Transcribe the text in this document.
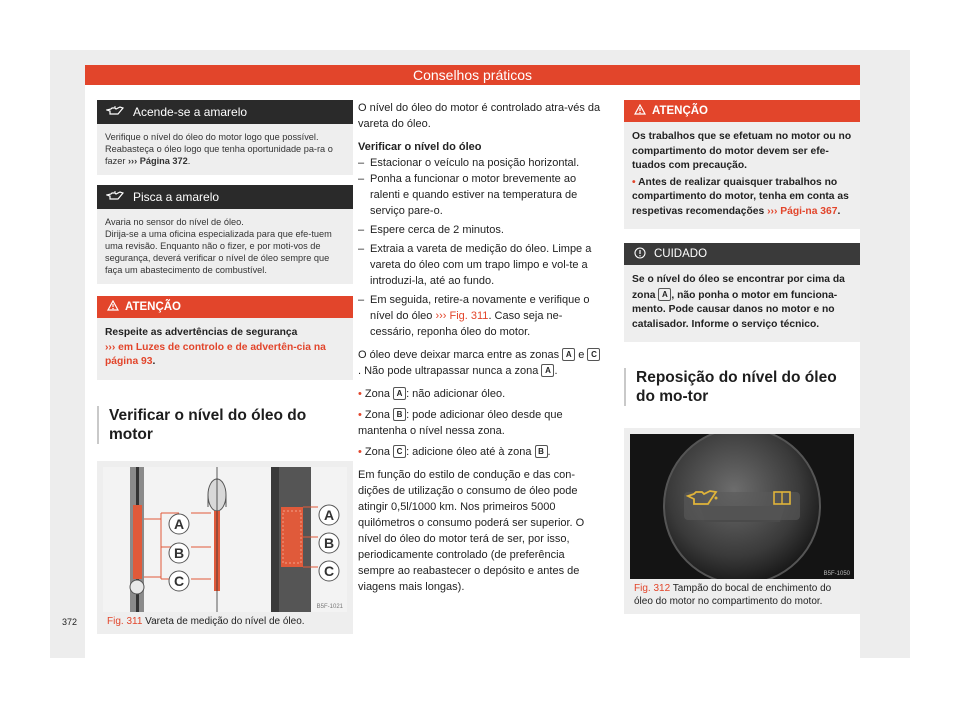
Conselhos práticos
Acende-se a amarelo

Verifique o nível do óleo do motor logo que possível. Reabasteça o óleo logo que tenha oportunidade pa-ra o fazer ››› Página 372.

Pisca a amarelo

Avaria no sensor do nível de óleo.

Dirija-se a uma oficina especializada para que efe-tuem uma revisão. Enquanto não o fizer, e por moti-vos de segurança, deverá verificar o nível de óleo sempre que faça um abastecimento de combustível.

ATENÇÃO

Respeite as advertências de segurança
››› em Luzes de controlo e de advertên-cia na página 93.

Verificar o nível do óleo do motor
A
B
C
A
B
C
B5F-1021
Fig. 311 Vareta de medição do nível de óleo.

O nível do óleo do motor é controlado atra-vés da vareta do óleo.

Verificar o nível do óleo

– Estacionar o veículo na posição horizontal.
– Ponha a funcionar o motor brevemente ao ralenti e quando estiver na temperatura de serviço pare-o.
– Espere cerca de 2 minutos.
– Extraia a vareta de medição do óleo. Limpe a vareta do óleo com um trapo limpo e vol-te a introduzi-la, até ao fundo.
– Em seguida, retire-a novamente e verifique o nível do óleo ››› Fig. 311. Caso seja ne-cessário, reponha óleo do motor.

O óleo deve deixar marca entre as zonas A e C. Não pode ultrapassar nunca a zona A .

• Zona A : não adicionar óleo.

• Zona B : pode adicionar óleo desde que mantenha o nível nessa zona.

• Zona C : adicione óleo até à zona B .

Em função do estilo de condução e das con-dições de utilização o consumo de óleo pode atingir 0,5l/1000 km. Nos primeiros 5000 quilómetros o consumo poderá ser superior. O nível do óleo do motor terá de ser, por isso, periodicamente controlado (de preferência sempre ao reabastecer o depósito e antes de viagens mais longas).

ATENÇÃO

Os trabalhos que se efetuam no motor ou no compartimento do motor devem ser efe-tuados com precaução.

• Antes de realizar quaisquer trabalhos no compartimento do motor, tenha em conta as respetivas recomendações ››› Pági-na 367.

CUIDADO

Se o nível do óleo se encontrar por cima da zona A , não ponha o motor em funciona-mento. Pode causar danos no motor e no catalisador. Informe o serviço técnico.

Reposição do nível do óleo do mo-tor
B5F-1050
Fig. 312 Tampão do bocal de enchimento do óleo do motor no compartimento do motor.
372
